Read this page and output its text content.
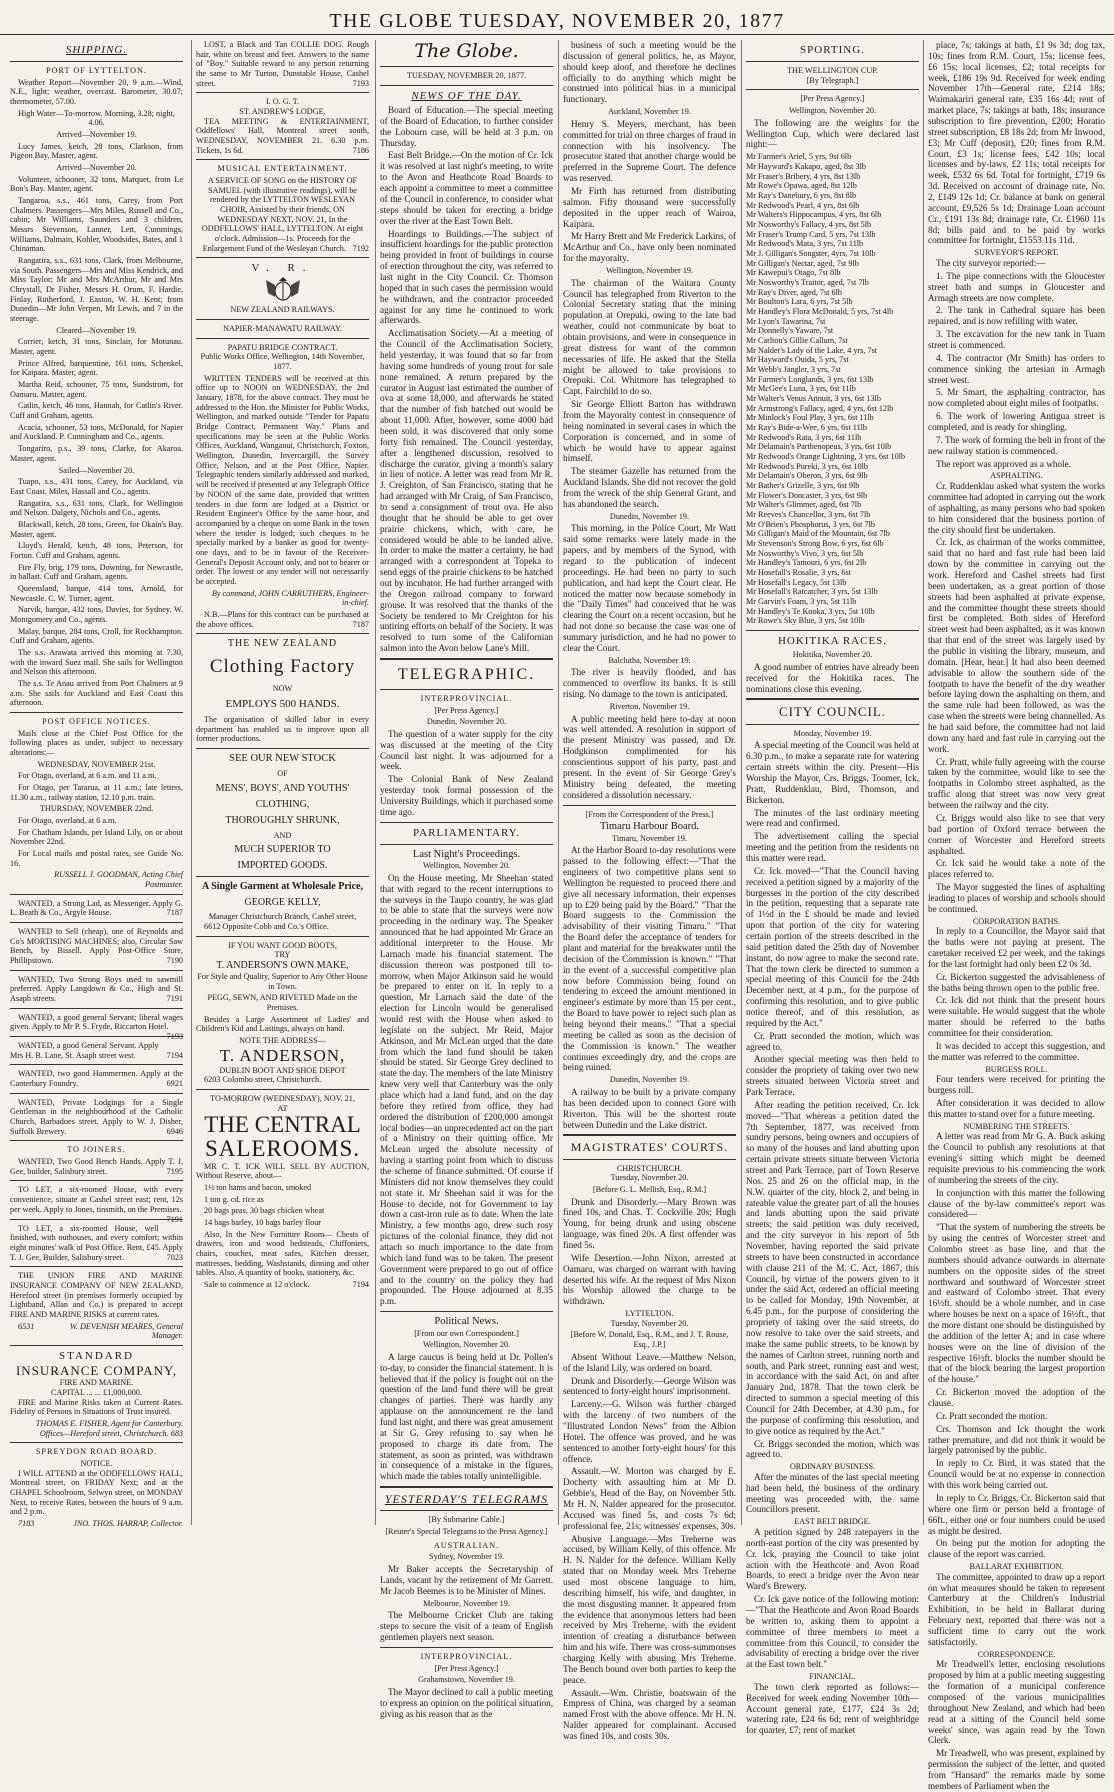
THE GLOBE TUESDAY, NOVEMBER 20, 1877
SHIPPING.
PORT OF LYTTELTON.

Weather Report—November 20, 9 a.m.—Wind, N.E., light; weather, overcast. Barometer, 30.07; thermometer, 57.00.

High Water—To-morrow. Morning, 3.28; night, 4.06.

Arrived—November 19.

Lucy James, ketch, 28 tons, Clarkson, from Pigeon Bay. Master, agent.

Arrived—November 20.

Volunteer, schooner, 32 tons, Marquet, from Le Bon's Bay. Master, agent.

Tangaroa, s.s., 461 tons, Carey, from Port Chalmers. Passengers—Mrs Miles, Russell and Co., cabin; Mr Williams, Saunders and 3 children, Messrs Stevenson, Lanner, Lett, Cummings, Williams, Dalmain, Kohler, Woodsides, Bates, and 1 Chinaman.

Rangatira, s.s., 631 tons, Clark, from Melbourne, via South. Passengers—Mrs and Miss Kendrick, and Miss Taylor; Mr and Mrs McArthur, Mr and Mrs Chrystall, Dr Fisher, Messrs H. Orum, F. Hardie, Finlay, Rutherford, J. Easton, W. H. Kent; from Dunedin—Mr John Verpen, Mr Lewis, and 7 in the steerage.

Cleared—November 19.

Corrier, ketch, 31 tons, Sinclair, for Motunau. Master, agent.

Prince Alfred, barquentine, 161 tons, Schenkel, for Kaipara. Master, agent.

Martha Reid, schooner, 75 tons, Sundstrom, for Oamaru. Master, agent.

Catlin, ketch, 46 tons, Hannah, for Catlin's River. Cuff and Graham, agents.

Acacia, schooner, 53 tons, McDonald, for Napier and Auckland. P. Cunningham and Co., agents.

Tongariro, p.s., 39 tons, Clarke, for Akaroa. Master, agent.

Sailed—November 20.

Tuapo, s.s., 431 tons, Carey, for Auckland, via East Coast. Miles, Hassall and Co., agents.

Rangatira, s.s., 631 tons, Clark, for Wellington and Nelson. Dalgety, Nichols and Co., agents.

Blackwall, ketch, 28 tons, Green, for Okain's Bay. Master, agent.

Lloyd's Herald, ketch, 48 tons, Peterson, for Forton. Cuff and Graham, agents.

Fire Fly, brig, 179 tons, Downing, for Newcastle, in ballast. Cuff and Graham, agents.

Queensland, barque, 414 tons, Arnold, for Newcastle. C. W. Turner, agent.

Narvik, barque, 432 tons, Davies, for Sydney. W. Montgomery and Co., agents.

Malay, barque, 284 tons, Croll, for Rockhampton. Cuff and Graham, agents.

The s.s. Arawata arrived this morning at 7.30, with the inward Suez mail. She sails for Wellington and Nelson this afternoon.

The s.s. Te Anau arrived from Port Chalmers at 9 a.m. She sails for Auckland and East Coast this afternoon.

POST OFFICE NOTICES.

Mails close at the Chief Post Office for the following places as under, subject to necessary alterations:—

WEDNESDAY, NOVEMBER 21st.

For Otago, overland, at 6 a.m. and 11 a.m.

For Otago, per Tararua, at 11 a.m.; late letters, 11.30 a.m., railway station, 12.10 p.m. train.

THURSDAY, NOVEMBER 22nd.

For Otago, overland, at 6 a.m.

For Chatham Islands, per Island Lily, on or about November 22nd.

For Local mails and postal rates, see Guide No. 16.

RUSSELL J. GOODMAN, Acting Chief Postmaster.

WANTED, a Strong Lad, as Messenger. Apply G. L. Beath & Co., Argyle House.	7187

WANTED to Sell (cheap), one of Reynolds and Co's MORTISING MACHINES; also, Circular Saw Bench, by Bissell. Apply Post-Office Store, Phillipstown.	7190

WANTED, Two Strong Boys used to sawmill preferred. Apply Langdown & Co., High and St. Asaph streets.	7191

WANTED, a good general Servant; liberal wages given. Apply to Mr P. S. Fryde, Riccarton Hotel.
7193

WANTED, a good General Servant. Apply Mrs H. B. Lane, St. Asaph street west.	7194

WANTED, two good Hammermen. Apply at the Canterbury Foundry.	6921

WANTED, Private Lodgings for a Single Gentleman in the neighbourhood of the Catholic Church, Barbadoes street. Apply to W. J. Disher, Suffolk Brewery.	6946

TO JOINERS.

WANTED, Two Good Bench Hands. Apply T. J. Gee, builder, Salisbury street.	7195

TO LET, a six-roomed House, with every convenience, situate at Cashel street east; rent, 12s per week. Apply to Jones, tinsmith, on the Premises.
7191

TO LET, a six-roomed House, well finished, with outhouses, and every comfort; within eight minutes' walk of Post Office. Rent, £45. Apply T. J. Gee, Builder, Salisbury street.	7023

THE UNION FIRE AND MARINE INSURANCE COMPANY OF NEW ZEALAND, Hereford street (in premises formerly occupied by Lightband, Allan and Co.) is prepared to accept FIRE AND MARINE RISKS at current rates.

6531	W. DEVENISH MEARES, General Manager.

STANDARD
INSURANCE COMPANY,
FIRE AND MARINE.
CAPITAL ... ... £1,000,000.

FIRE and Marine Risks taken at Current Rates. Fidelity of Persons in Situations of Trust insured.

THOMAS E. FISHER, Agent for Canterbury. Offices—Hereford street, Christchurch. 683

SPREYDON ROAD BOARD.
NOTICE.

I WILL ATTEND at the ODDFELLOWS' HALL, Montreal street, on FRIDAY Next; and at the CHAPEL Schoolroom, Selwyn street, on MONDAY Next, to receive Rates, between the hours of 9 a.m. and 2 p.m.

7183	JNO. THOS. HARRAP, Collector.

LOST, a Black and Tan COLLIE DOG. Rough hair, white on breast and feet. Answers to the name of "Boy." Suitable reward to any person returning the same to Mr Turton, Dunstable House, Cashel street.	7193

I. O. G. T.
ST. ANDREW'S LODGE.

TEA MEETING & ENTERTAINMENT, Oddfellows' Hall, Montreal street south, WEDNESDAY, NOVEMBER 21. 6.30 p.m. Tickets, 1s 6d.	7186

MUSICAL ENTERTAINMENT.

A SERVICE OF SONG on the HISTORY OF SAMUEL (with illustrative readings), will be rendered by the LYTTELTON WESLEYAN CHOIR, Assisted by their friends, ON WEDNESDAY NEXT, NOV. 21, In the ODDFELLOWS' HALL, LYTTELTON. At eight o'clock. Admission—1s. Proceeds for the Enlargement Fund of the Wesleyan Church. 7192

V. R.
NEW ZEALAND RAILWAYS.
NAPIER-MANAWATU RAILWAY.
PAPATU BRIDGE CONTRACT.

Public Works Office, Wellington, 14th November, 1877.

WRITTEN TENDERS will be received at this office up to NOON on WEDNESDAY, the 2nd January, 1878, for the above contract. They must be addressed to the Hon. the Minister for Public Works, Wellington, and marked outside "Tender for Papatu Bridge Contract, Permanent Way." Plans and specifications may be seen at the Public Works Offices, Auckland, Wanganui, Christchurch, Foxton, Wellington, Dunedin, Invercargill, the Survey Office, Nelson, and at the Post Office, Napier. Telegraphic tenders similarly addressed and marked, will be received if presented at any Telegraph Office by NOON of the same date, provided that written tenders in due form are lodged at a District or Resident Engineer's Office by the same hour, and accompanied by a cheque on some Bank in the town where the tender is lodged; such cheques to be specially marked by a banker as good for twenty-one days, and to be in favour of the Receiver-General's Deposit Account only, and not to bearer or order. The lowest or any tender will not necessarily be accepted.

By command, JOHN CARRUTHERS, Engineer-in-chief.

N.B.—Plans for this contract can be purchased at the above offices.	7187

THE NEW ZEALAND
Clothing Factory
NOW
EMPLOYS 500 HANDS.

The organisation of skilled labor in every department has enabled us to improve upon all former productions.

SEE OUR NEW STOCK
OF
MENS', BOYS', AND YOUTHS'
CLOTHING,
THOROUGHLY SHRUNK,
AND
MUCH SUPERIOR TO
IMPORTED GOODS.
A Single Garment at Wholesale Price,
GEORGE KELLY,
Manager Christchurch Branch, Cashel street,

6612 Opposite Cobb and Co.'s Office.

IF YOU WANT GOOD BOOTS,
TRY
T. ANDERSON'S OWN MAKE,

For Style and Quality, Superior to Any Other House in Town.

PEGG, SEWN, AND RIVETED Made on the Premises.

Besides a Large Assortment of Ladies' and Children's Kid and Lastings, always on hand.

NOTE THE ADDRESS—
T. ANDERSON,
DUBLIN BOOT AND SHOE DEPOT

6203 Colombo street, Christchurch.

TO-MORROW (WEDNESDAY), NOV. 21,
AT
THE CENTRAL
SALEROOMS.

MR C. T. ICK WILL SELL BY AUCTION, Without Reserve, about—

1½ ton hams and bacon, smoked

1 ton g. cd. rice as

20 bags peas, 30 bags chicken wheat

14 bags barley, 10 bags barley flour

Also, In the New Furniture Room— Chests of drawers, iron and wood bedsteads, Chiffoniers, chairs, couches, meat safes, Kitchen dresser, mattresses, bedding, Washstands, dinning and other tables. Also, A quantity of books, stationery, &c.

Sale to commence at 12 o'clock.	7194

The Globe.
TUESDAY, NOVEMBER 20, 1877.
NEWS OF THE DAY.

Board of Education.—The special meeting of the Board of Education, to further consider the Lobourn case, will be held at 3 p.m. on Thursday.

East Belt Bridge.—On the motion of Cr. Ick it was resolved at last night's meeting, to write to the Avon and Heathcote Road Boards to each appoint a committee to meet a committee of the Council in conference, to consider what steps should be taken for erecting a bridge over the river at the East Town Belt.

Hoardings to Buildings.—The subject of insufficient hoardings for the public protection being provided in front of buildings in course of erection throughout the city, was referred to last night in the City Council. Cr. Thomson hoped that in such cases the permission would be withdrawn, and the contractor proceeded against for any time he continued to work afterwards.

Acclimatisation Society.—At a meeting of the Council of the Acclimatisation Society, held yesterday, it was found that so far from having some hundreds of young trout for sale none remained. A return prepared by the curator in August last estimated the number of ova at some 18,000, and afterwards he stated that the number of fish hatched out would be about 11,000. After, however, some 4000 had been sold, it was discovered that only some forty fish remained. The Council yesterday, after a lengthened discussion, resolved to discharge the curator, giving a month's salary in lieu of notice. A letter was read from Mr R. J. Creighton, of San Francisco, stating that he had arranged with Mr Craig, of San Francisco, to send a consignment of trout ova. He also thought that he should be able to get over prairie chickens, which, with care, he considered would be able to be landed alive. In order to make the matter a certainty, he had arranged with a correspondent at Topeka to send eggs of the prairie chickens to be hatched out by incubator. He had further arranged with the Oregon railroad company to forward grouse. It was resolved that the thanks of the Society be tendered to Mr Creighton for his untiring efforts on behalf of the Society. It was resolved to turn some of the Californian salmon into the Avon below Lane's Mill.

TELEGRAPHIC.
INTERPROVINCIAL.

[Per Press Agency.]

Dunedin, November 20.

The question of a water supply for the city was discussed at the meeting of the City Council last night. It was adjourned for a week.

The Colonial Bank of New Zealand yesterday took formal possession of the University Buildings, which it purchased some time ago.

PARLIAMENTARY.
Last Night's Proceedings.

Wellington, November 20.

On the House meeting, Mr Sheehan stated that with regard to the recent interruptions to the surveys in the Taupo country, he was glad to be able to state that the surveys were now proceeding in the ordinary way. The Speaker announced that he had appointed Mr Grace an additional interpreter to the House. Mr Larnach made his financial statement. The discussion thereon was postponed till to-morrow, when Major Atkinson said he would be prepared to enter on it. In reply to a question, Mr Larnach said the date of the election for Lincoln would be generalised would rest with the House when asked to legislate on the subject. Mr Reid, Major Atkinson, and Mr McLean urged that the date from which the land fund should be taken should be stated. Sir George Grey declined to state the day. The members of the late Ministry knew very well that Canterbury was the only place which had a land fund, and on the day before they retired from office, they had ordered the distribution of £200,000 amongst local bodies—an unprecedented act on the part of a Ministry on their quitting office. Mr McLean urged the absolute necessity of having a starting point from which to discuss the scheme of finance submitted. Of course if Ministers did not know themselves they could not state it. Mr Sheehan said it was for the House to decide, not for Government to lay down a cast-iron rule as to date. When the late Ministry, a few months ago, drew such rosy pictures of the colonial finance, they did not attach so much importance to the date from which land fund was to be taken. The present Government were prepared to go out of office and to the country on the policy they had propounded. The House adjourned at 8.35 p.m.

Political News.

[From our own Correspondent.]

Wellington, November 20.

A large caucus is being held at Dr. Pollen's to-day, to consider the financial statement. It is believed that if the policy is fought out on the question of the land fund there will be great changes of parties. There was hardly any applause on the announcement re the land fund last night, and there was great amusement at Sir G. Grey refusing to say when he proposed to charge its date from. The statement, as soon as printed, was withdrawn in consequence of a mistake in the figures, which made the tables totally unintelligible.

YESTERDAY'S TELEGRAMS

[By Submarine Cable.]

[Reuter's Special Telegrams to the Press Agency.]

AUSTRALIAN.

Sydney, November 19.

Mr Baker accepts the Secretaryship of Lands, vacant by the retirement of Mr Garrett. Mr Jacob Beemes is to be Minister of Mines.

Melbourne, November 19.

The Melbourne Cricket Club are taking steps to secure the visit of a team of English gentlemen players next season.

INTERPROVINCIAL.

[Per Press Agency.]

Grahamstown, November 19.

The Mayor declined to call a public meeting to express an opinion on the political situation, giving as his reason that as the

business of such a meeting would be the discussion of general politics, he, as Mayor, should keep aloof, and therefore he declines officially to do anything which might be construed into political bias in a municipal functionary.

Auckland, November 19.

Henry S. Meyers, merchant, has been committed for trial on three charges of fraud in connection with his insolvency. The prosecutor stated that another charge would be preferred in the Supreme Court. The defence was reserved.

Mr Firth has returned from distributing salmon. Fifty thousand were successfully deposited in the upper reach of Wairoa, Kaipara.

Mr Harry Brett and Mr Frederick Larkins, of McArthur and Co., have only been nominated for the mayoralty.

Wellington, November 19.

The chairman of the Waitara County Council has telegraphed from Riverton to the Colonial Secretary stating that the mining population at Orepuki, owing to the late bad weather, could not communicate by boat to obtain provisions, and were in consequence in great distress for want of the common necessaries of life. He asked that the Stella might be allowed to take provisions to Orepuki. Col. Whitmore has telegraphed to Capt. Fairchild to do so.

Sir George Elliott Barton has withdrawn from the Mayoralty contest in consequence of being nominated in several cases in which the Corporation is concerned, and in some of which he would have to appear against himself.

The steamer Gazelle has returned from the Auckland Islands. She did not recover the gold from the wreck of the ship General Grant, and has abandoned the search.

Dunedin, November 19.

This morning, in the Police Court, Mr Watt said some remarks were lately made in the papers, and by members of the Synod, with regard to the publication of indecent proceedings. He had been no party to such publication, and had kept the Court clear. He noticed the matter now because somebody in the "Daily Times" had conceived that he was clearing the Court on a recent occasion, but he had not done so because the case was one of summary jurisdiction, and he had no power to clear the Court.

Balclutha, November 19.

The river is heavily flooded, and has commenced to overflow its banks. It is still rising. No damage to the town is anticipated.

Riverton, November 19.

A public meeting held here to-day at noon was well attended. A resolution in support of the present Ministry was passed, and Dr. Hodgkinson complimented for his conscientious support of his party, past and present. In the event of Sir George Grey's Ministry being defeated, the meeting considered a dissolution necessary.

[From the Correspondent of the Press.]

Timaru Harbour Board.

Timaru, November 19.

At the Harbor Board to-day resolutions were passed to the following effect:—"That the engineers of two competitive plans sent to Wellington be requested to proceed there and give all necessary information, their expenses up to £20 being paid by the Board." "That the Board suggests to the Commission the advisability of their visiting Timaru." "That the Board defer the acceptance of tenders for plant and material for the breakwater until the decision of the Commission is known." "That in the event of a successful competitive plan now before Commission being found on tendering to exceed the amount mentioned in engineer's estimate by more than 15 per cent., the Board to have power to reject such plan as being beyond their means." "That a special meeting be called as soon as the decision of the Commission is known." The weather continues exceedingly dry, and the crops are being ruined.

Dunedin, November 19.

A railway to be built by a private company has been decided upon to connect Gore with Riverton. This will be the shortest route between Dunedin and the Lake district.

MAGISTRATES' COURTS.
CHRISTCHURCH.

Tuesday, November 20.

[Before G. L. Mellish, Esq., R.M.]

Drunk and Disorderly.—Mary Brown was fined 10s, and Chas. T. Cockville 20s; Hugh Young, for being drunk and using obscene language, was fined 20s. A first offender was fined 5s.

Wife Desertion.—John Nixon, arrested at Oamaru, was charged on warrant with having deserted his wife. At the request of Mrs Nixon his Worship allowed the charge to be withdrawn.

LYTTELTON.

Tuesday, November 20.

[Before W. Donald, Esq., R.M., and J. T. Rouse, Esq., J.P.]

Absent Without Leave.—Matthew Nelson, of the Island Lily, was ordered on board.

Drunk and Disorderly.—George Wilson was sentenced to forty-eight hours' imprisonment.

Larceny.—G. Wilson was further charged with the larceny of two numbers of the "Illustrated London News" from the Albion Hotel. The offence was proved, and he was sentenced to another forty-eight hours' for this offence.

Assault.—W. Morton was charged by E. Docherty with assaulting him at Mr D. Gebbie's, Head of the Bay, on November 5th. Mr H. N. Nalder appeared for the prosecutor. Accused was fined 5s, and costs 7s 6d; professional fee, 21s; witnesses' expenses, 30s.

Abusive Language.—Mrs Treherne was accused, by William Kelly, of this offence. Mr H. N. Nalder for the defence. William Kelly stated that on Monday week Mrs Treherne used most obscene language to him, describing himself, his wife, and daughter, in the most disgusting manner. It appeared from the evidence that anonymous letters had been received by Mrs Treherne, with the evident intention of creating a disturbance between him and his wife. There was cross-summonses charging Kelly with abusing Mrs Treherne. The Bench bound over both parties to keep the peace.

Assault.—Wm. Christie, boatswain of the Empress of China, was charged by a seaman named Frost with the above offence. Mr H. N. Nalder appeared for complainant. Accused was fined 10s, and costs 30s.

SPORTING.
THE WELLINGTON CUP.

[By Telegraph.]

[Per Press Agency.]

Wellington, November 20.

The following are the weights for the Wellington Cup, which were declared last night:—

Mr Farmer's Ariel, 5 yrs, 9st 6lb
Mr Hayward's Kakapo, aged, 8st 3lb
Mr Fraser's Bribery, 4 yrs, 8st 13lb
Mr Rowe's Opawa, aged, 8st 12lb
Mr Ray's Danebury, 6 yrs, 8st 8lb
Mr Redwood's Pearl, 4 yrs, 8st 6lb
Mr Walters's Hippocampus, 4 yrs, 8st 6lb
Mr Nosworthy's Fallacy, 4 yrs, 8st 5lb
Mr Fraser's Trump Card, 5 yrs, 7st 13lb
Mr Redwood's Mata, 3 yrs, 7st 11lb
Mr J. Gilligan's Songster, 4yrs, 7st 10lb
Mr Gilligan's Nectar, aged, 7st 9lb
Mr Kawepui's Otago, 7st 8lb
Mr Nosworthy's Traitor, aged, 7st 7lb
Mr Ray's Diver, aged, 7st 6lb
Mr Boulton's Lara, 6 yrs, 7st 5lb
Mr Handley's Flora McDonald, 5 yrs, 7st 4lb
Mr Lyon's Tawarina, 7st
Mr Donnelly's Yaware, 7st
Mr Carlton's Gillie Callum, 7st
Mr Nalder's Lady of the Lake, 4 yrs, 7st
Mr Hayward's Ouida, 5 yrs, 7st
Mr Webb's Jangler, 3 yrs, 7st
Mr Farmer's Longlands, 3 yrs, 6st 13lb
Mr McGee's Luna, 3 yrs, 6st 11lb
Mr Walter's Venus Annuit, 3 yrs, 6st 13lb
Mr Armstrong's Fallacy, aged, 4 yrs, 6st 12lb
Mr Minlock's Foul Play, 3 yrs, 6st 11lb
Mr Ray's Bide-a-Wee, 6 yrs, 6st 11lb
Mr Redwood's Rata, 3 yrs, 6st 11lb
Mr Delamain's Parthenopeus, 3 yrs, 6st 10lb
Mr Redwood's Orange Lightning, 3 yrs, 6st 10lb
Mr Redwood's Pureki, 3 yrs, 6st 10lb
Mr Delamain's Oberon, 3 yrs, 6st 9lb
Mr Bather's Grizelle, 3 yrs, 6st 9lb
Mr Flower's Doncaster, 3 yrs, 6st 9lb
Mr Walter's Glimmer, aged, 6st 7lb
Mr Reeves's Chancellor, 3 yrs, 6st 7lb
Mr O'Brien's Phosphorus, 3 yrs, 6st 7lb
Mr Gilligan's Maid of the Mountain, 6st 7lb
Mr Stevenson's Strong Bow, 6 yrs, 6st 6lb
Mr Nosworthy's Vivo, 3 yrs, 6st 5lb
Mr Handley's Tamouri, 6 yrs, 6st 2lb
Mr Hosefall's Rosalie, 3 yrs, 6st
Mr Hosefall's Legacy, 5st 13lb
Mr Hosefall's Ratcatcher, 3 yrs, 5st 13lb
Mr Garvin's Foam, 3 yrs, 5st 11lb
Mr Handley's Te Kooka, 3 yrs, 5st 10lb
Mr Rowe's Sky Blue, 3 yrs, 5st 10lb
HOKITIKA RACES.

Hokitika, November 20.

A good number of entries have already been received for the Hokitika races. The nominations close this evening.

CITY COUNCIL.

Monday, November 19.

A special meeting of the Council was held at 6.30 p.m., to make a separate rate for watering certain streets within the city. Present—His Worship the Mayor, Crs. Briggs, Toomer, Ick, Pratt, Ruddenklau, Bird, Thomson, and Bickerton.

The minutes of the last ordinary meeting were read and confirmed.

The advertisement calling the special meeting and the petition from the residents on this matter were read.

Cr. Ick moved—"That the Council having received a petition signed by a majority of the burgesses in the portion of the city described in the petition, requesting that a separate rate of 1½d in the £ should be made and levied upon that portion of the city for watering certain portion of the streets described in the said petition dated the 25th day of November instant, do now agree to make the second rate. That the town clerk be directed to summon a special meeting of this Council for the 24th December next, at 4 p.m., for the purpose of confirming this resolution, and to give public notice thereof, and of this resolution, as required by the Act."

Cr. Pratt seconded the motion, which was agreed to.

Another special meeting was then held to consider the propriety of taking over two new streets situated between Victoria street and Park Terrace.

After reading the petition received, Cr. Ick moved—"That whereas a petition dated the 7th September, 1877, was received from sundry persons, being owners and occupiers of so many of the houses and land abutting upon certain private streets situate between Victoria street and Park Terrace, part of Town Reserve Nos. 25 and 26 on the official map, in the N.W. quarter of the city, block 2, and being in rateable value the greater part of all the houses and lands abutting upon the said private streets; the said petition was duly received, and the city surveyor in his report of 5th November, having reported the said private streets to have been constructed in accordance with clause 211 of the M. C. Act, 1867, this Council, by virtue of the powers given to it under the said Act, ordered an official meeting to be called for Monday, 19th November, at 6.45 p.m., for the purpose of considering the propriety of taking over the said streets, do now resolve to take over the said streets, and make the same public streets, to be known by the names of Carlton street, running north and south, and Park street, running east and west, in accordance with the said Act, on and after January 2nd, 1878. That the town clerk be directed to summon a special meeting of this Council for 24th December, at 4.30 p.m., for the purpose of confirming this resolution, and to give notice as required by the Act."

Cr. Briggs seconded the motion, which was agreed to.

ORDINARY BUSINESS.

After the minutes of the last special meeting had been held, the business of the ordinary meeting was proceeded with, the same Councillors present.

EAST BELT BRIDGE.

A petition signed by 248 ratepayers in the north-east portion of the city was presented by Cr. Ick, praying the Council to take joint action with the Heathcote and Avon Road Boards, to erect a bridge over the Avon near Ward's Brewery.

Cr. Ick gave notice of the following motion:—"That the Heathcote and Avon Road Boards be written to, asking them to appoint a committee of three members to meet a committee from this Council, to consider the advisability of erecting a bridge over the river at the East town belt."

FINANCIAL.

The town clerk reported as follows:—Received for week ending November 10th—Account general rate, £177, £24 3s 2d; watering rate, £24 6s 6d; rent of weighbridge for quarter, £7; rent of market

place, 7s; takings at bath, £1 9s 3d; dog tax, 10s; fines from R.M. Court, 15s; license fees, £6 15s; local licenses, £2; total receipts for week, £186 19s 9d. Received for week ending November 17th—General rate, £214 18s; Waimakariri general rate, £35 16s 4d; rent of market place, 7s; takings at bath, 18s; insurance subscription to fire prevention, £200; Horatio street subscription, £8 18s 2d; from Mr Inwood, £3; Mr Cuff (deposit), £20; fines from R.M. Court, £3 1s; license fees, £42 10s; local licenses and by-laws, £2 11s; total receipts for week, £532 6s 6d. Total for fortnight, £719 6s 3d. Received on account of drainage rate, No. 2, £149 12s 1d; Cr. balance at bank on general account, £9,526 5s 1d; Drainage Loan account Cr., £191 13s 8d; drainage rate, Cr. £1960 11s 8d; bills paid and to be paid by works committee for fortnight, £1553 11s 11d.

SURVEYOR'S REPORT.

The city surveyor reported:—

1. The pipe connections with the Gloucester street bath and sumps in Gloucester and Armagh streets are now complete.

2. The tank in Cathedral square has been repaired, and is now refilling with water.

3. The excavation for the new tank in Tuam street is commenced.

4. The contractor (Mr Smith) has orders to commence sinking the artesian in Armagh street west.

5. Mr Smart, the asphalting contractor, has now completed about eight miles of footpaths.

6. The work of lowering Antigua street is completed, and is ready for shingling.

7. The work of forming the belt in front of the new railway station is commenced.

The report was approved as a whole.

ASPHALTING.

Cr. Ruddenklau asked what system the works committee had adopted in carrying out the work of asphalting, as many persons who had spoken to him considered that the business portion of the city should first be undertaken.

Cr. Ick, as chairman of the works committee, said that no hard and fast rule had been laid down by the committee in carrying out the work. Hereford and Cashel streets had first been undertaken, as a great portion of those streets had been asphalted at private expense, and the committee thought these streets should first be completed. Both sides of Hereford street west had been asphalted, as it was known that that end of the street was largely used by the public in visiting the library, museum, and domain. [Hear, hear.] It had also been deemed advisable to allow the southern side of the footpath to have the benefit of the dry weather before laying down the asphalting on them, and the same rule had been followed, as was the case when the streets were being channelled. As he had said before, the committee had not laid down any hard and fast rule in carrying out the work.

Cr. Pratt, while fully agreeing with the course taken by the committee, would like to see the footpaths in Colombo street asphalted, as the traffic along that street was now very great between the railway and the city.

Cr. Briggs would also like to see that very bad portion of Oxford terrace between the corner of Worcester and Hereford streets asphalted.

Cr. Ick said he would take a note of the places referred to.

The Mayor suggested the lines of asphalting leading to places of worship and schools should be continued.

CORPORATION BATHS.

In reply to a Councillor, the Mayor said that the baths were not paying at present. The caretaker received £2 per week, and the takings for the last fortnight had only been £2 0s 3d.

Cr. Bickerton suggested the advisableness of the baths being thrown open to the public free.

Cr. Ick did not think that the present hours were suitable. He would suggest that the whole matter should be referred to the baths committee for their consideration.

It was decided to accept this suggestion, and the matter was referred to the committee.

BURGESS ROLL.

Four tenders were received for printing the burgess roll.

After consideration it was decided to allow this matter to stand over for a future meeting.

NUMBERING THE STREETS.

A letter was read from Mr G. A. Buck asking the Council to publish any resolutions at that evening's sitting which might be deemed requisite previous to his commencing the work of numbering the streets of the city.

In conjunction with this matter the following clause of the by-law committee's report was considered—

"That the system of numbering the streets be by using the centres of Worcester street and Colombo street as base line, and that the numbers should advance outwards in alternate numbers on the opposite sides of the street northward and southward of Worcester street and eastward of Colombo street. That every 16½ft. should be a whole number, and in case where houses be next on a space of 16½ft., that the more distant one should be distinguished by the addition of the letter A; and in case where houses were on the line of division of the respective 16½ft. blocks the number should be that of the block bearing the largest proportion of the house."

Cr. Bickerton moved the adoption of the clause.

Cr. Pratt seconded the motion.

Crs. Thomson and Ick thought the work rather premature, and did not think it would be largely patronised by the public.

In reply to Cr. Bird, it was stated that the Council would be at no expense in connection with this work being carried out.

In reply to Cr. Briggs, Cr. Bickerton said that where one firm or person held a frontage of 66ft., either one or four numbers could be used as might be desired.

On being put the motion for adopting the clause of the report was carried.

BALLARAT EXHIBITION.

The committee, appointed to draw up a report on what measures should be taken to represent Canterbury at the Children's Industrial Exhibition, to be held in Ballarat during February next, reported that there was not a sufficient time to carry out the work satisfactorily.

CORRESPONDENCE.

Mr Treadwell's letter, enclosing resolutions proposed by him at a public meeting suggesting the formation of a municipal conference composed of the various municipalities throughout New Zealand, and which had been read at a sitting of the Council held some weeks' since, was again read by the Town Clerk.

Mr Treadwell, who was present, explained by permission the subject of the letter, and quoted from "Hansard" the remarks made by some members of Parliament when the
